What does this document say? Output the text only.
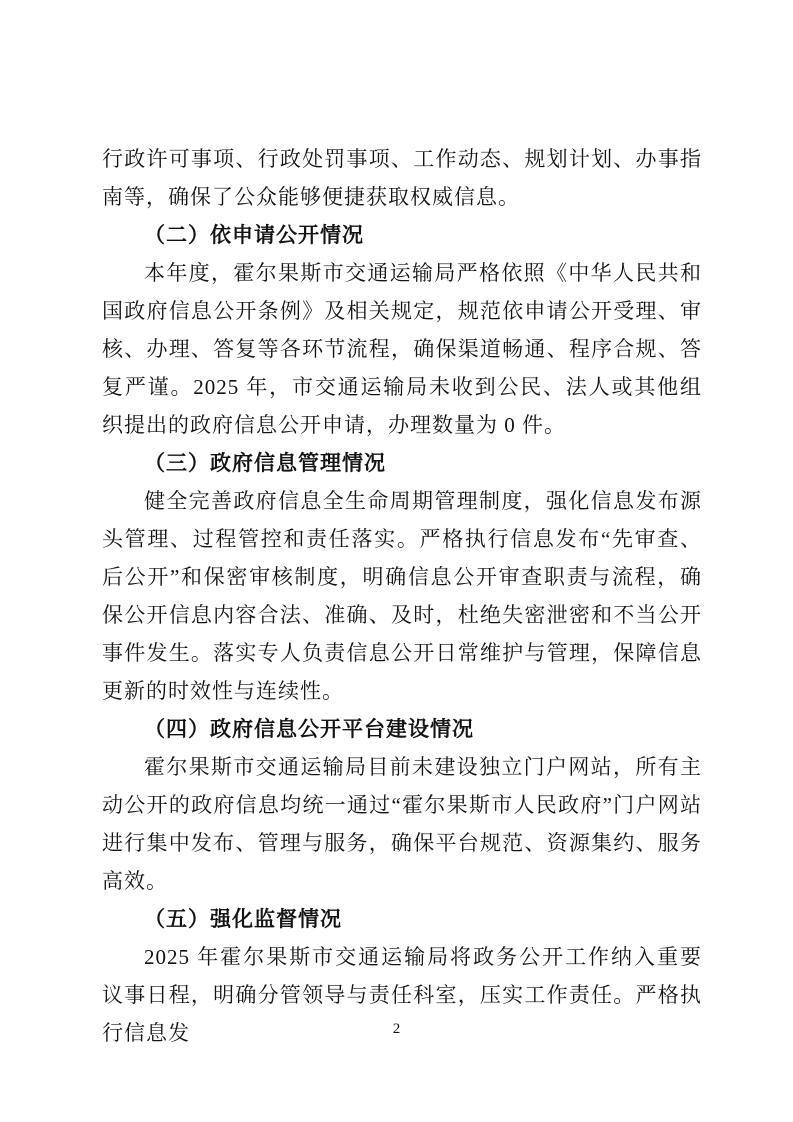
行政许可事项、行政处罚事项、工作动态、规划计划、办事指南等，确保了公众能够便捷获取权威信息。

（二）依申请公开情况

本年度，霍尔果斯市交通运输局严格依照《中华人民共和国政府信息公开条例》及相关规定，规范依申请公开受理、审核、办理、答复等各环节流程，确保渠道畅通、程序合规、答复严谨。2025 年，市交通运输局未收到公民、法人或其他组织提出的政府信息公开申请，办理数量为 0 件。

（三）政府信息管理情况

健全完善政府信息全生命周期管理制度，强化信息发布源头管理、过程管控和责任落实。严格执行信息发布“先审查、后公开”和保密审核制度，明确信息公开审查职责与流程，确保公开信息内容合法、准确、及时，杜绝失密泄密和不当公开事件发生。落实专人负责信息公开日常维护与管理，保障信息更新的时效性与连续性。

（四）政府信息公开平台建设情况

霍尔果斯市交通运输局目前未建设独立门户网站，所有主动公开的政府信息均统一通过“霍尔果斯市人民政府”门户网站进行集中发布、管理与服务，确保平台规范、资源集约、服务高效。

（五）强化监督情况

2025 年霍尔果斯市交通运输局将政务公开工作纳入重要议事日程，明确分管领导与责任科室，压实工作责任。严格执行信息发	2
